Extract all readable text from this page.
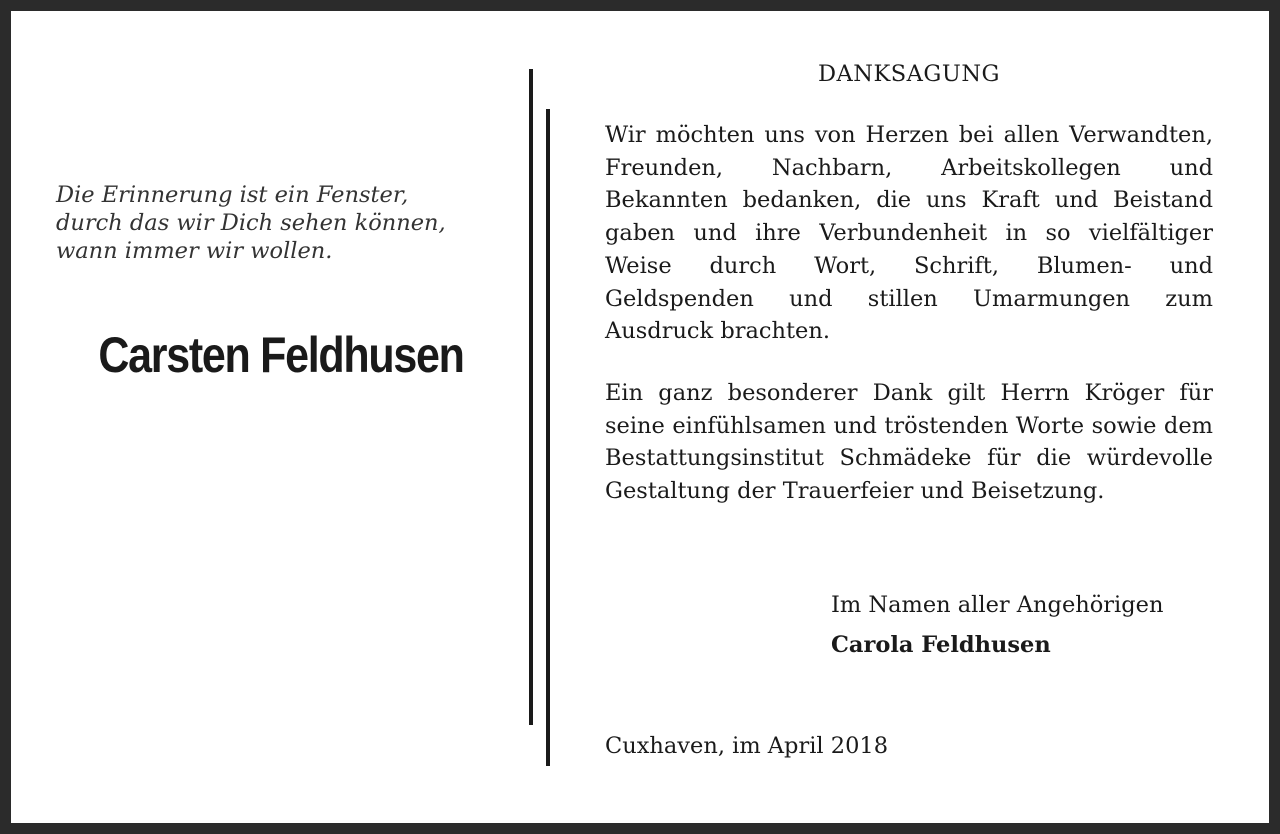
Die Erinnerung ist ein Fenster,
durch das wir Dich sehen können,
wann immer wir wollen.
Carsten Feldhusen
DANKSAGUNG
Wir möchten uns von Herzen bei allen Verwandten, Freunden, Nachbarn, Arbeitskollegen und Bekannten bedanken, die uns Kraft und Beistand gaben und ihre Verbundenheit in so vielfältiger Weise durch Wort, Schrift, Blumen- und Geldspenden und stillen Umarmungen zum Ausdruck brachten.
Ein ganz besonderer Dank gilt Herrn Kröger für seine einfühlsamen und tröstenden Worte sowie dem Bestattungsinstitut Schmädeke für die würdevolle Gestaltung der Trauerfeier und Beisetzung.
Im Namen aller Angehörigen
Carola Feldhusen
Cuxhaven, im April 2018
